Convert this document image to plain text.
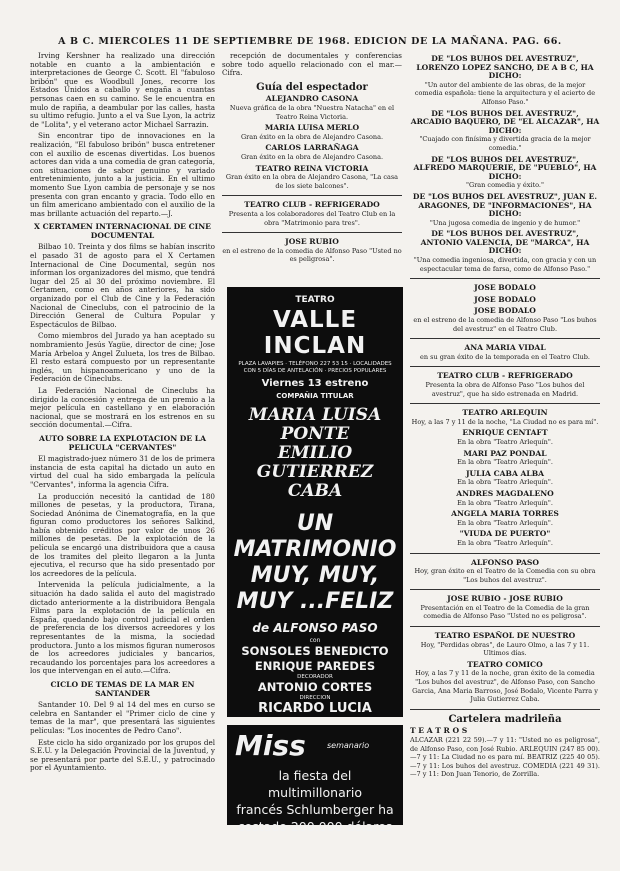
A B C. MIERCOLES 11 DE SEPTIEMBRE DE 1968. EDICION DE LA MAÑANA. PAG. 66.

Irving Kershner ha realizado una dirección notable en cuanto a la ambientación e interpretaciones de George C. Scott. El "fabuloso bribón" que es Woodbull Jones, recorre los Estados Unidos a caballo y engaña a cuantas personas caen en su camino. Se le encuentra en mulo de rapiña, a deambular por las calles, hasta su ultimo refugio. Junto a el va Sue Lyon, la actriz de "Lolita", y el veterano actor Michael Sarrazin.

Sin encontrar tipo de innovaciones en la realización, "El fabuloso bribón" busca entretener con el auxilio de escenas divertidas. Los buenos actores dan vida a una comedia de gran categoría, con situaciones de sabor genuino y variado entretenimiento, junto a la justicia. En el ultimo momento Sue Lyon cambia de personaje y se nos presenta con gran encanto y gracia. Todo ello en un film americano ambientado con el auxilio de la mas brillante actuación del reparto.—J.

X CERTAMEN INTERNACIONAL DE CINE DOCUMENTAL

Bilbao 10. Treinta y dos films se habían inscrito el pasado 31 de agosto para el X Certamen Internacional de Cine Documental, según nos informan los organizadores del mismo, que tendrá lugar del 25 al 30 del próximo noviembre. El Certamen, como en años anteriores, ha sido organizado por el Club de Cine y la Federación Nacional de Cineclubs, con el patrocinio de la Dirección General de Cultura Popular y Espectáculos de Bilbao.

Como miembros del Jurado ya han aceptado su nombramiento Jesús Yagüe, director de cine; Jose María Arbeloa y Angel Zulueta, los tres de Bilbao. El resto estará compuesto por un representante inglés, un hispanoamericano y uno de la Federación de Cineclubs.

La Federación Nacional de Cineclubs ha dirigido la concesión y entrega de un premio a la mejor película en castellano y en elaboración nacional, que se mostrará en los estrenos en su sección documental.—Cifra.

AUTO SOBRE LA EXPLOTACION DE LA PELICULA "CERVANTES"

El magistrado-juez número 31 de los de primera instancia de esta capital ha dictado un auto en virtud del cual ha sido embargada la película "Cervantes", informa la agencia Cifra.

La producción necesitó la cantidad de 180 millones de pesetas, y la productora, Tirana, Sociedad Anónima de Cinematografía, en la que figuran como productores los señores Salkind, había obtenido créditos por valor de unos 26 millones de pesetas. De la explotación de la película se encargó una distribuidora que a causa de los tramites del pleito llegaron a la Junta ejecutiva, el recurso que ha sido presentado por los acreedores de la película.

Intervenida la película judicialmente, a la situación ha dado salida el auto del magistrado dictado anteriormente a la distribuidora Bengala Films para la explotación de la película en España, quedando bajo control judicial el orden de preferencia de los diversos acreedores y los representantes de la misma, la sociedad productora. Junto a los mismos figuran numerosos de los acreedores judiciales y bancarios, recaudando los porcentajes para los acreedores a los que intervengan en el auto.—Cifra.

CICLO DE TEMAS DE LA MAR EN SANTANDER

Santander 10. Del 9 al 14 del mes en curso se celebra en Santander el "Primer ciclo de cine y temas de la mar", que presentará las siguientes películas: "Los inocentes de Pedro Cano".

Este ciclo ha sido organizado por los grupos del S.E.U. y la Delegación Provincial de la Juventud, y se presentará por parte del S.E.U., y patrocinado por el Ayuntamiento.

recepción de documentales y conferencias sobre todo aquello relacionado con el mar.—Cifra.

Guía del espectador
ALEJANDRO CASONA
Nueva gráfica de la obra "Nuestra Natacha" en el Teatro Reina Victoria.
MARIA LUISA MERLO
Gran éxito en la obra de Alejandro Casona.
CARLOS LARRAÑAGA
Gran éxito en la obra de Alejandro Casona.
TEATRO REINA VICTORIA
Gran éxito en la obra de Alejandro Casona, "La casa de los siete balcones".
TEATRO CLUB - REFRIGERADO
Presenta a los colaboradores del Teatro Club en la obra "Matrimonio para tres".
JOSE RUBIO
en el estreno de la comedia de Alfonso Paso "Usted no es peligrosa".
TEATRO
VALLE INCLAN
PLAZA LAVAPIES · TELÉFONO 227 53 15 · LOCALIDADES CON 5 DÍAS DE ANTELACIÓN · PRECIOS POPULARES
Viernes 13 estreno
COMPAÑIA TITULAR
MARIA LUISA PONTE
EMILIO GUTIERREZ CABA
UN MATRIMONIO MUY, MUY, MUY ...FELIZ
de ALFONSO PASO
con
SONSOLES BENEDICTO
ENRIQUE PAREDES
DECORADOR
ANTONIO CORTES
DIRECCION
RICARDO LUCIA
Miss	semanario
la fiesta del multimillonario
francés Schlumberger ha
costado 200.000 dólares
DE "LOS BUHOS DEL AVESTRUZ", LORENZO LOPEZ SANCHO, DE A B C, HA DICHO:
"Un autor del ambiente de las obras, de la mejor comedia española: tiene la arquitectura y el acierto de Alfonso Paso."
DE "LOS BUHOS DEL AVESTRUZ", ARCADIO BAQUERO, DE "EL ALCAZAR", HA DICHO:
"Cuajado con finísima y divertida gracia de la mejor comedia."
DE "LOS BUHOS DEL AVESTRUZ", ALFREDO MARQUERIE, DE "PUEBLO", HA DICHO:
"Gran comedia y éxito."
DE "LOS BUHOS DEL AVESTRUZ", JUAN E. ARAGONES, DE "INFORMACIONES", HA DICHO:
"Una jugosa comedia de ingenio y de humor."
DE "LOS BUHOS DEL AVESTRUZ", ANTONIO VALENCIA, DE "MARCA", HA DICHO:
"Una comedia ingeniosa, divertida, con gracia y con un espectacular tema de farsa, como de Alfonso Paso."
JOSE BODALO
JOSE BODALO
JOSE BODALO
en el estreno de la comedia de Alfonso Paso "Los buhos del avestruz" en el Teatro Club.
ANA MARIA VIDAL
en su gran éxito de la temporada en el Teatro Club.
TEATRO CLUB - REFRIGERADO
Presenta la obra de Alfonso Paso "Los buhos del avestruz", que ha sido estrenada en Madrid.
TEATRO ARLEQUIN
Hoy, a las 7 y 11 de la noche, "La Ciudad no es para mí".
ENRIQUE CENTAFT
En la obra "Teatro Arlequín".
MARI PAZ PONDAL
En la obra "Teatro Arlequín".
JULIA CABA ALBA
En la obra "Teatro Arlequín".
ANDRES MAGDALENO
En la obra "Teatro Arlequín".
ANGELA MARIA TORRES
En la obra "Teatro Arlequín".
"VIUDA DE PUERTO"
En la obra "Teatro Arlequín".
ALFONSO PASO
Hoy, gran éxito en el Teatro de la Comedia con su obra "Los buhos del avestruz".
JOSE RUBIO - JOSE RUBIO
Presentación en el Teatro de la Comedia de la gran comedia de Alfonso Paso "Usted no es peligrosa".
TEATRO ESPAÑOL DE NUESTRO
Hoy, "Perdidas obras", de Lauro Olmo, a las 7 y 11. Ultimos días.
TEATRO COMICO
Hoy, a las 7 y 11 de la noche, gran éxito de la comedia "Los buhos del avestruz", de Alfonso Paso, con Sancho Garcia, Ana Maria Barroso, José Bodalo, Vicente Parra y Julia Gutierrez Caba.
Cartelera madrileña
T E A T R O S
ALCAZAR (221 22 59).—7 y 11: "Usted no es peligrosa", de Alfonso Paso, con José Rubio. ARLEQUIN (247 85 00).—7 y 11: La Ciudad no es para mí. BEATRIZ (225 40 05).—7 y 11: Los buhos del avestruz. COMEDIA (221 49 31).—7 y 11: Don Juan Tenorio, de Zorrilla.
